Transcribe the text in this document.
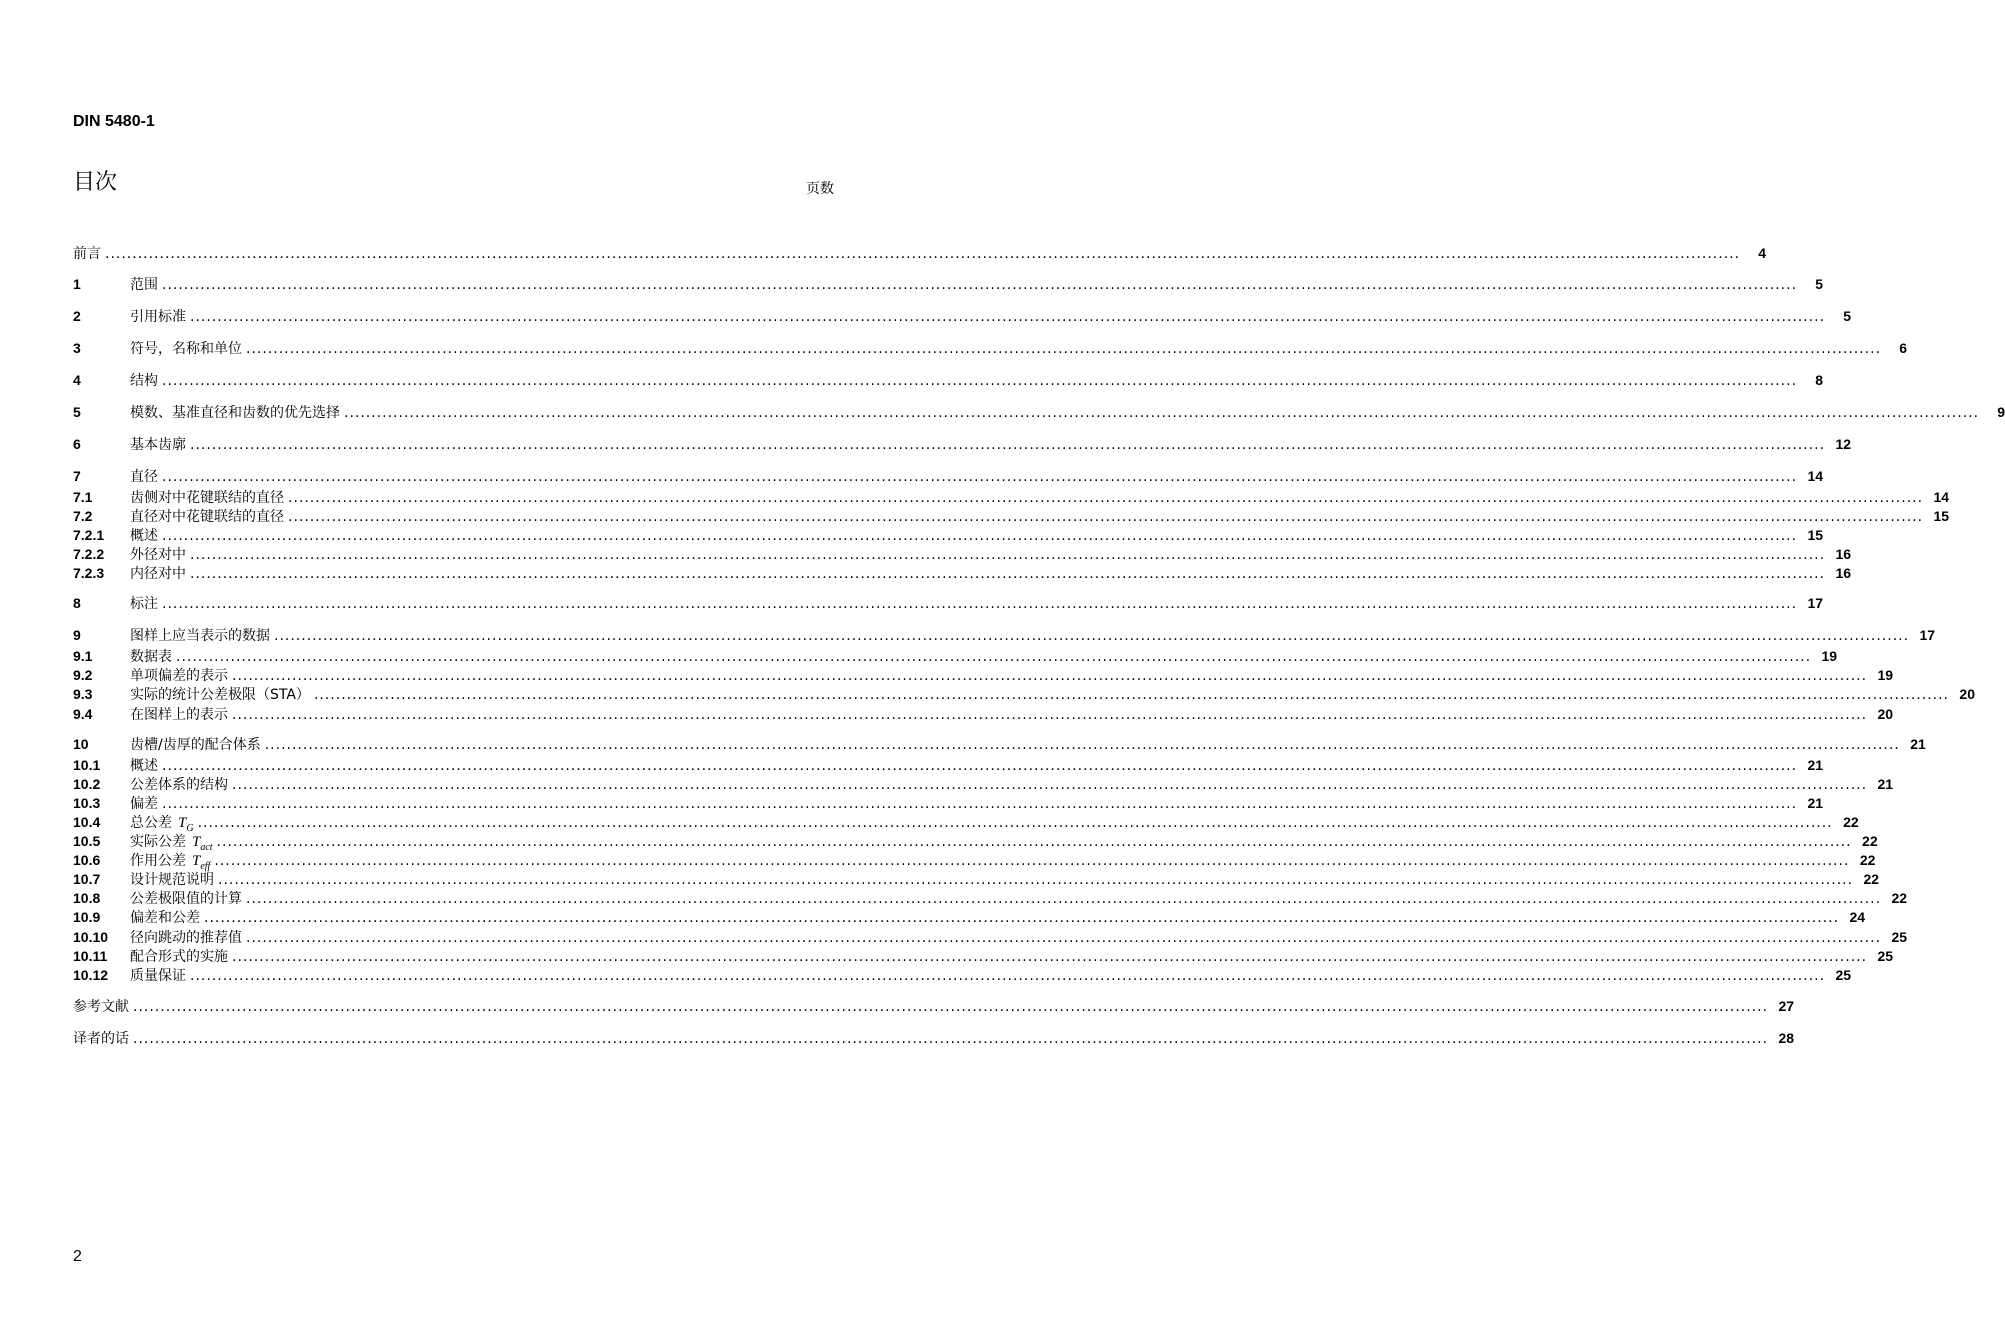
DIN 5480-1
目次	页数
前言 ............................................................................................................................................................................................................................................................................................................	4
1	范围 ............................................................................................................................................................................................................................................................................................................	5
2	引用标准 ............................................................................................................................................................................................................................................................................................................	5
3	符号，名称和单位 ............................................................................................................................................................................................................................................................................................................	6
4	结构 ............................................................................................................................................................................................................................................................................................................	8
5	模数、基准直径和齿数的优先选择 ............................................................................................................................................................................................................................................................................................................	9
6	基本齿廓 ............................................................................................................................................................................................................................................................................................................ 12
7	直径 ............................................................................................................................................................................................................................................................................................................ 14
7.1	齿侧对中花键联结的直径 ............................................................................................................................................................................................................................................................................................................ 14
7.2	直径对中花键联结的直径 ............................................................................................................................................................................................................................................................................................................ 15
7.2.1	概述 ............................................................................................................................................................................................................................................................................................................ 15
7.2.2	外径对中 ............................................................................................................................................................................................................................................................................................................ 16
7.2.3	内径对中 ............................................................................................................................................................................................................................................................................................................ 16
8	标注 ............................................................................................................................................................................................................................................................................................................ 17
9	图样上应当表示的数据 ............................................................................................................................................................................................................................................................................................................ 17
9.1	数据表 ............................................................................................................................................................................................................................................................................................................ 19
9.2	单项偏差的表示 ............................................................................................................................................................................................................................................................................................................ 19
9.3	实际的统计公差极限（STA） ............................................................................................................................................................................................................................................................................................................ 20
9.4	在图样上的表示 ............................................................................................................................................................................................................................................................................................................ 20
10	齿槽/齿厚的配合体系 ............................................................................................................................................................................................................................................................................................................ 21
10.1	概述 ............................................................................................................................................................................................................................................................................................................ 21
10.2	公差体系的结构 ............................................................................................................................................................................................................................................................................................................ 21
10.3	偏差 ............................................................................................................................................................................................................................................................................................................ 21
10.4	总公差 $T_G$ ............................................................................................................................................................................................................................................................................................................ 22
10.5	实际公差 $T_{act}$ ............................................................................................................................................................................................................................................................................................................ 22
10.6	作用公差 $T_{eff}$ ............................................................................................................................................................................................................................................................................................................ 22
10.7	设计规范说明 ............................................................................................................................................................................................................................................................................................................ 22
10.8	公差极限值的计算 ............................................................................................................................................................................................................................................................................................................ 22
10.9	偏差和公差 ............................................................................................................................................................................................................................................................................................................ 24
10.10	径向跳动的推荐值 ............................................................................................................................................................................................................................................................................................................ 25
10.11	配合形式的实施 ............................................................................................................................................................................................................................................................................................................ 25
10.12	质量保证 ............................................................................................................................................................................................................................................................................................................ 25
参考文献 ............................................................................................................................................................................................................................................................................................................ 27
译者的话 ............................................................................................................................................................................................................................................................................................................ 28
2
